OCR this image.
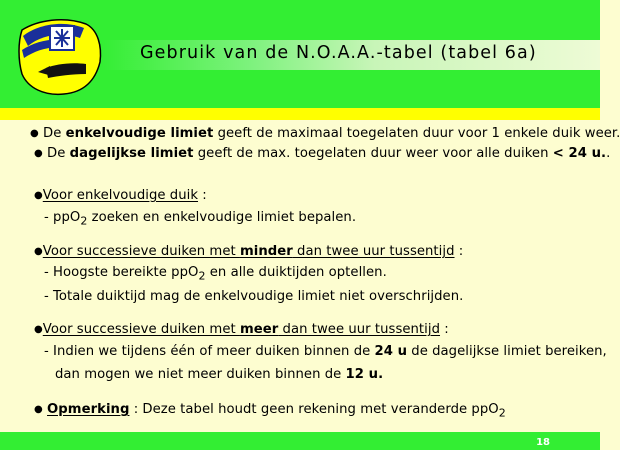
Gebruik van de N.O.A.A.-tabel (tabel 6a)
● De enkelvoudige limiet geeft de maximaal toegelaten duur voor 1 enkele duik weer.
● De dagelijkse limiet geeft de max. toegelaten duur weer voor alle duiken < 24 u..
●Voor enkelvoudige duik :
- ppO$_2$ zoeken en enkelvoudige limiet bepalen.
●Voor successieve duiken met minder dan twee uur tussentijd :
- Hoogste bereikte ppO$_2$ en alle duiktijden optellen.
- Totale duiktijd mag de enkelvoudige limiet niet overschrijden.
●Voor successieve duiken met meer dan twee uur tussentijd :
- Indien we tijdens één of meer duiken binnen de 24 u de dagelijkse limiet bereiken,
dan mogen we niet meer duiken binnen de 12 u.
● Opmerking : Deze tabel houdt geen rekening met veranderde ppO$_2$
18
